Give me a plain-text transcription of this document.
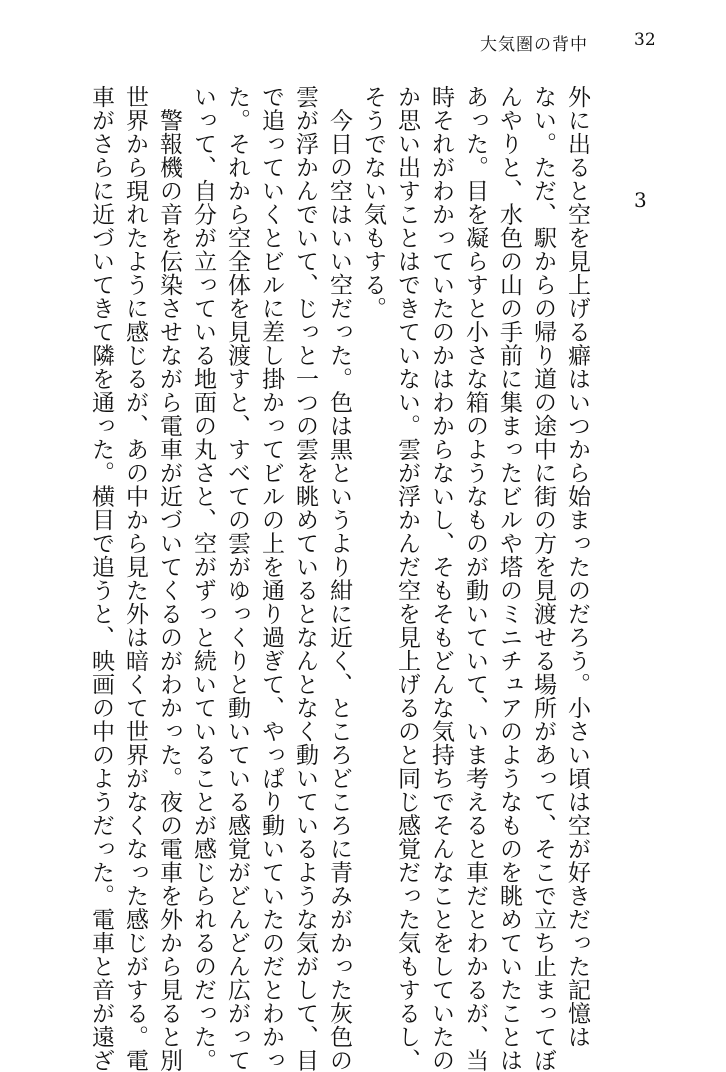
大気圏の背中	32
3
外に出ると空を見上げる癖はいつから始まったのだろう。小さい頃は空が好きだった記憶は
ない。ただ、駅からの帰り道の途中に街の方を見渡せる場所があって、そこで立ち止まってぼ
んやりと、水色の山の手前に集まったビルや塔のミニチュアのようなものを眺めていたことは
あった。目を凝らすと小さな箱のようなものが動いていて、いま考えると車だとわかるが、当
時それがわかっていたのかはわからないし、そもそもどんな気持ちでそんなことをしていたの
か思い出すことはできていない。雲が浮かんだ空を見上げるのと同じ感覚だった気もするし、
そうでない気もする。
　今日の空はいい空だった。色は黒というより紺に近く、ところどころに青みがかった灰色の
雲が浮かんでいて、じっと一つの雲を眺めているとなんとなく動いているような気がして、目
で追っていくとビルに差し掛かってビルの上を通り過ぎて、やっぱり動いていたのだとわかっ
た。それから空全体を見渡すと、すべての雲がゆっくりと動いている感覚がどんどん広がって
いって、自分が立っている地面の丸さと、空がずっと続いていることが感じられるのだった。
　警報機の音を伝染させながら電車が近づいてくるのがわかった。夜の電車を外から見ると別
世界から現れたように感じるが、あの中から見た外は暗くて世界がなくなった感じがする。電
車がさらに近づいてきて隣を通った。横目で追うと、映画の中のようだった。電車と音が遠ざ
